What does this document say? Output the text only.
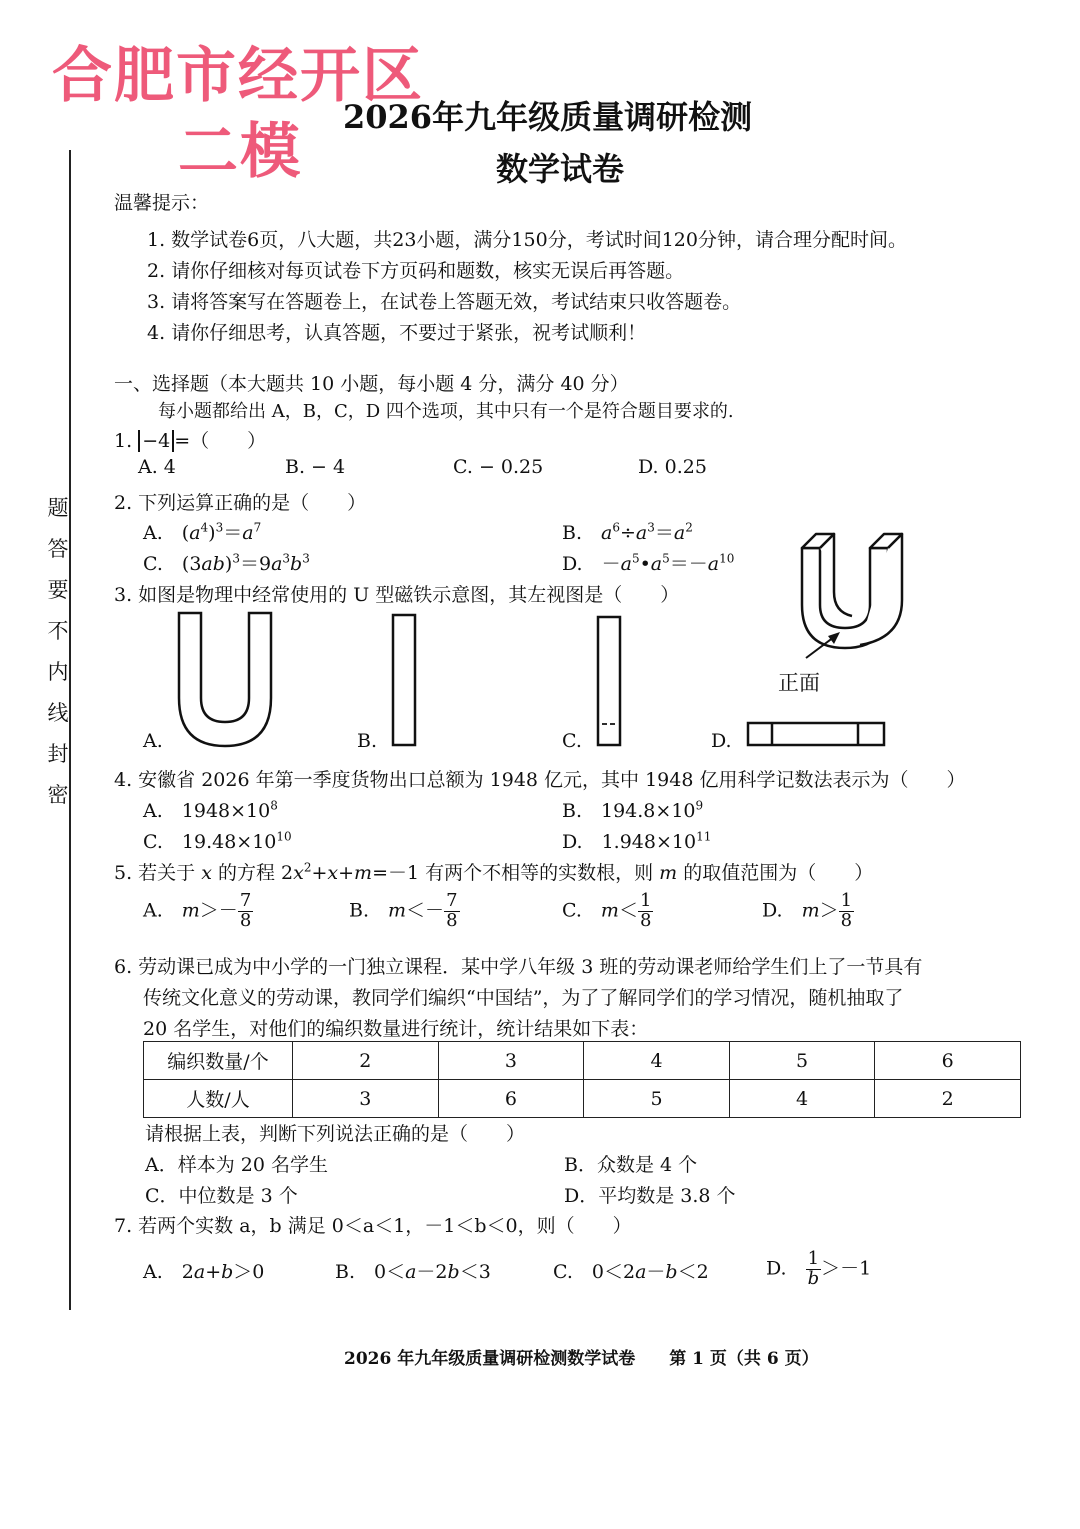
合肥市经开区
二模 2026年九年级质量调研检测
数学试卷
题
答
要
不
内
线
封
密
温馨提示：
1. 数学试卷6页，八大题，共23小题，满分150分，考试时间120分钟，请合理分配时间。
2. 请你仔细核对每页试卷下方页码和题数，核实无误后再答题。
3. 请将答案写在答题卷上，在试卷上答题无效，考试结束只收答题卷。
4. 请你仔细思考，认真答题，不要过于紧张，祝考试顺利！
一、选择题（本大题共 10 小题，每小题 4 分，满分 40 分）
每小题都给出 A，B，C，D 四个选项，其中只有一个是符合题目要求的.
1. −4 =（　　）
A. 4	B. − 4	C. − 0.25	D. 0.25
2. 下列运算正确的是（　　）
A.　$(a^4)^3=a^7$	B.　$a^6\div a^3=a^2$
C.　$(3ab)^3=9a^3b^3$	D.　$-a^5•a^5=-a^{10}$
3. 如图是物理中经常使用的 U 型磁铁示意图，其左视图是（　　）
正面
A.	B.	C.	D.
4. 安徽省 2026 年第一季度货物出口总额为 1948 亿元，其中 1948 亿用科学记数法表示为（　　）
A.　$1948\times 10^8$	B.　$194.8\times 10^9$
C.　$19.48\times 10^{10}$	D.　$1.948\times 10^{11}$
5. 若关于 x 的方程 $2x^2+x+m=-1$ 有两个不相等的实数根，则 m 的取值范围为（　　）
A.　$m>- \frac{7}{8}$	B.　$m<- \frac{7}{8}$	C.　$m< \frac{1}{8}$	D.　$m> \frac{1}{8}$
6. 劳动课已成为中小学的一门独立课程．某中学八年级 3 班的劳动课老师给学生们上了一节具有
传统文化意义的劳动课，教同学们编织“中国结”，为了了解同学们的学习情况，随机抽取了
20 名学生，对他们的编织数量进行统计，统计结果如下表：
编织数量/个	2	3	4	5	6
人数/人	3	6	5	4	2
请根据上表，判断下列说法正确的是（　　）
A．样本为 20 名学生	B．众数是 4 个
C．中位数是 3 个	D．平均数是 3.8 个
7. 若两个实数 a，b 满足 0＜a＜1，－1＜b＜0，则（　　）
A.　2a+b＞0	B.　0＜a－2b＜3	C.　0＜2a－b＜2	D.　 $\frac{1}{b} >-1$
2026 年九年级质量调研检测数学试卷　　第 1 页（共 6 页）
